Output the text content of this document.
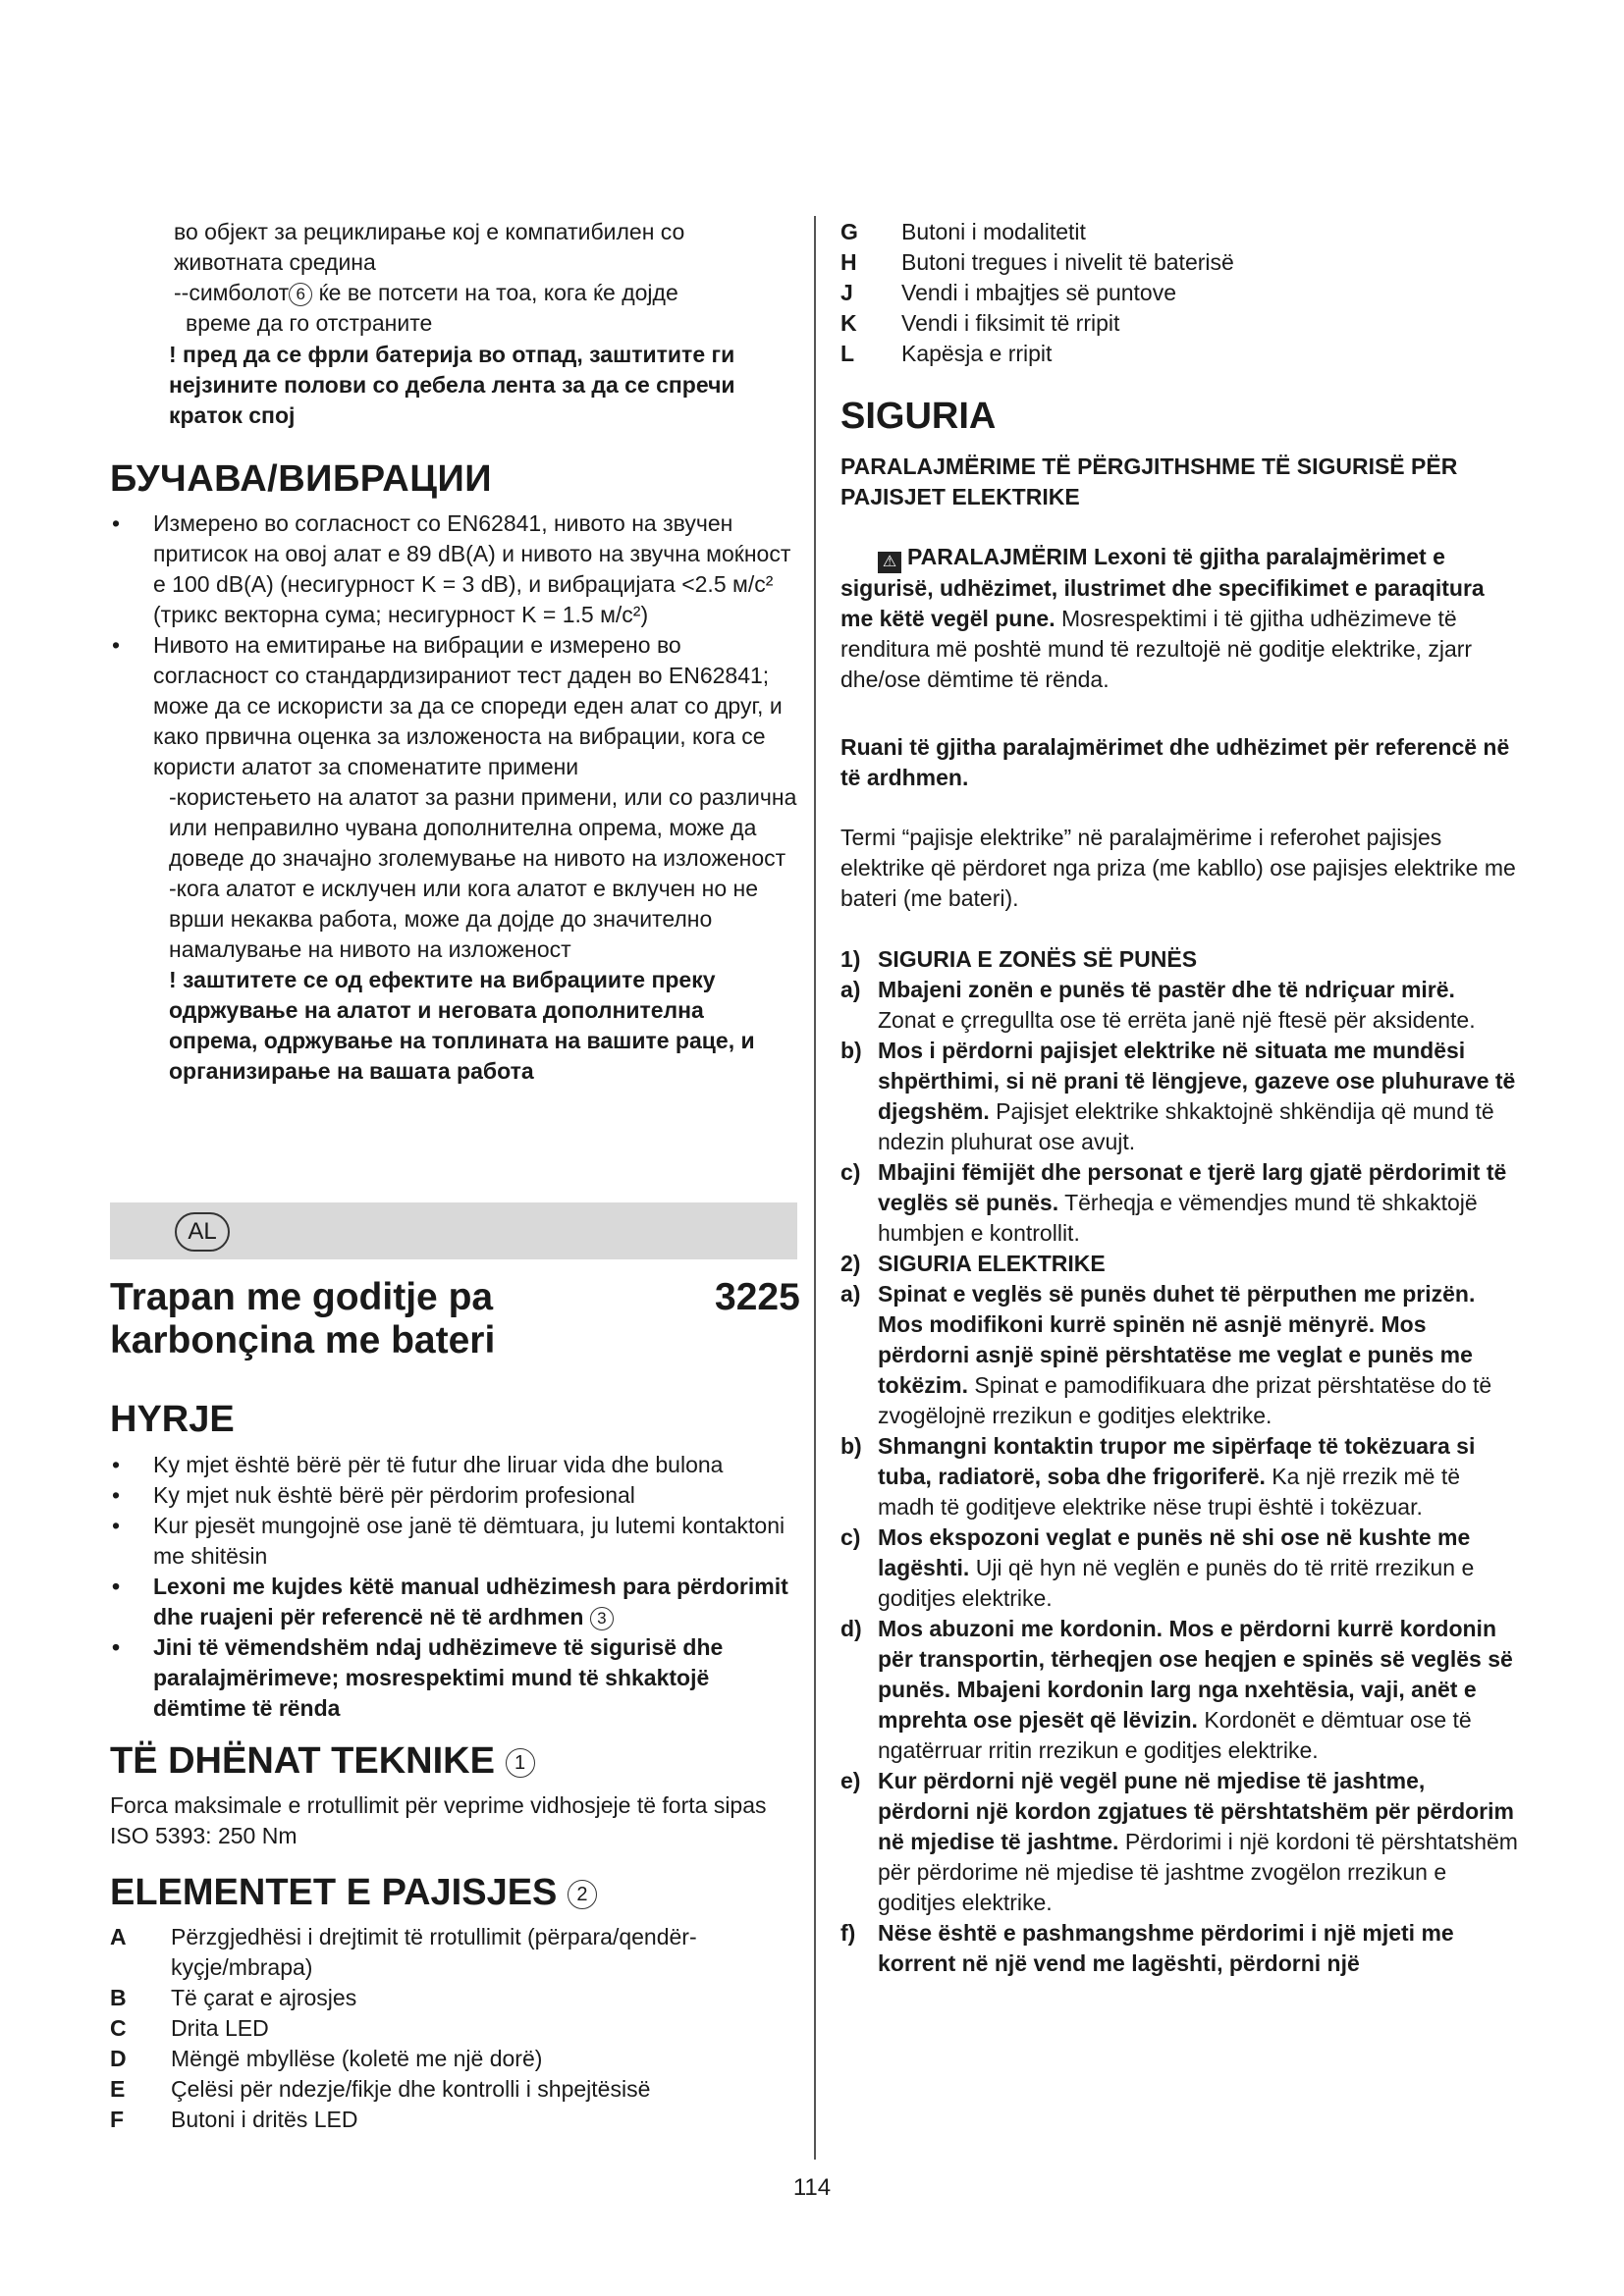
во објект за рециклирање кој е компатибилен со

животната средина

--симболот 6 ќе ве потсети на тоа, кога ќе дојде

време да го отстраните

! пред да се фрли батерија во отпад, заштитите ги нејзините полови со дебела лента за да се спречи краток спој

БУЧАВА/ВИБРАЦИИ

• Измерено во согласност со EN62841, нивото на звучен притисок на овој алат е 89 dB(A) и нивото на звучна моќност е 100 dB(A) (несигурност K = 3 dB), и вибрацијата <2.5 м/с² (трикс векторна сума; несигурност K = 1.5 м/с²)

• Нивото на емитирање на вибрации е измерено во согласност со стандардизираниот тест даден во EN62841; може да се искористи за да се спореди еден алат со друг, и како првична оценка за изложеноста на вибрации, кога се користи алатот за споменатите примени

-користењето на алатот за разни примени, или со различна или неправилно чувана дополнителна опрема, може да доведе до значајно зголемување на нивото на изложеност

-кога алатот е исклучен или кога алатот е вклучен но не врши некаква работа, може да дојде до значително намалување на нивото на изложеност

! заштитете се од ефектите на вибрациите преку одржување на алатот и неговата дополнителна опрема, одржување на топлината на вашите раце, и организирање на вашата работа

AL

Trapan me goditje pa

karbonçina me bateri

3225

HYRJE

• Ky mjet është bërë për të futur dhe liruar vida dhe bulona

• Ky mjet nuk është bërë për përdorim profesional

• Kur pjesët mungojnë ose janë të dëmtuara, ju lutemi kontaktoni me shitësin

• Lexoni me kujdes këtë manual udhëzimesh para përdorimit dhe ruajeni për referencë në të ardhmen 3

• Jini të vëmendshëm ndaj udhëzimeve të sigurisë dhe paralajmërimeve; mosrespektimi mund të shkaktojë dëmtime të rënda

TË DHËNAT TEKNIKE 1

Forca maksimale e rrotullimit për veprime vidhosjeje të forta sipas ISO 5393: 250 Nm

ELEMENTET E PAJISJES 2

A Përzgjedhësi i drejtimit të rrotullimit (përpara/qendër-kyçje/mbrapa)

B Të çarat e ajrosjes

C Drita LED

D Mëngë mbyllëse (koletë me një dorë)

E Çelësi për ndezje/fikje dhe kontrolli i shpejtësisë

F Butoni i dritës LED

G Butoni i modalitetit

H Butoni tregues i nivelit të baterisë

J Vendi i mbajtjes së puntove

K Vendi i fiksimit të rripit

L Kapësja e rripit

SIGURIA

PARALAJMËRIME TË PËRGJITHSHME TË SIGURISË PËR PAJISJET ELEKTRIKE

⚠ PARALAJMËRIM Lexoni të gjitha paralajmërimet e sigurisë, udhëzimet, ilustrimet dhe specifikimet e paraqitura me këtë vegël pune. Mosrespektimi i të gjitha udhëzimeve të renditura më poshtë mund të rezultojë në goditje elektrike, zjarr dhe/ose dëmtime të rënda.

Ruani të gjitha paralajmërimet dhe udhëzimet për referencë në të ardhmen.

Termi “pajisje elektrike” në paralajmërime i referohet pajisjes elektrike që përdoret nga priza (me kabllo) ose pajisjes elektrike me bateri (me bateri).

1) SIGURIA E ZONËS SË PUNËS

a) Mbajeni zonën e punës të pastër dhe të ndriçuar mirë. Zonat e çrregullta ose të errëta janë një ftesë për aksidente.

b) Mos i përdorni pajisjet elektrike në situata me mundësi shpërthimi, si në prani të lëngjeve, gazeve ose pluhurave të djegshëm. Pajisjet elektrike shkaktojnë shkëndija që mund të ndezin pluhurat ose avujt.

c) Mbajini fëmijët dhe personat e tjerë larg gjatë përdorimit të veglës së punës. Tërheqja e vëmendjes mund të shkaktojë humbjen e kontrollit.

2) SIGURIA ELEKTRIKE

a) Spinat e veglës së punës duhet të përputhen me prizën. Mos modifikoni kurrë spinën në asnjë mënyrë. Mos përdorni asnjë spinë përshtatëse me veglat e punës me tokëzim. Spinat e pamodifikuara dhe prizat përshtatëse do të zvogëlojnë rrezikun e goditjes elektrike.

b) Shmangni kontaktin trupor me sipërfaqe të tokëzuara si tuba, radiatorë, soba dhe frigoriferë. Ka një rrezik më të madh të goditjeve elektrike nëse trupi është i tokëzuar.

c) Mos ekspozoni veglat e punës në shi ose në kushte me lagështi. Uji që hyn në veglën e punës do të rritë rrezikun e goditjes elektrike.

d) Mos abuzoni me kordonin. Mos e përdorni kurrë kordonin për transportin, tërheqjen ose heqjen e spinës së veglës së punës. Mbajeni kordonin larg nga nxehtësia, vaji, anët e mprehta ose pjesët që lëvizin. Kordonët e dëmtuar ose të ngatërruar rritin rrezikun e goditjes elektrike.

e) Kur përdorni një vegël pune në mjedise të jashtme, përdorni një kordon zgjatues të përshtatshëm për përdorim në mjedise të jashtme. Përdorimi i një kordoni të përshtatshëm për përdorime në mjedise të jashtme zvogëlon rrezikun e goditjes elektrike.

f) Nëse është e pashmangshme përdorimi i një mjeti me korrent në një vend me lagështi, përdorni një

114
